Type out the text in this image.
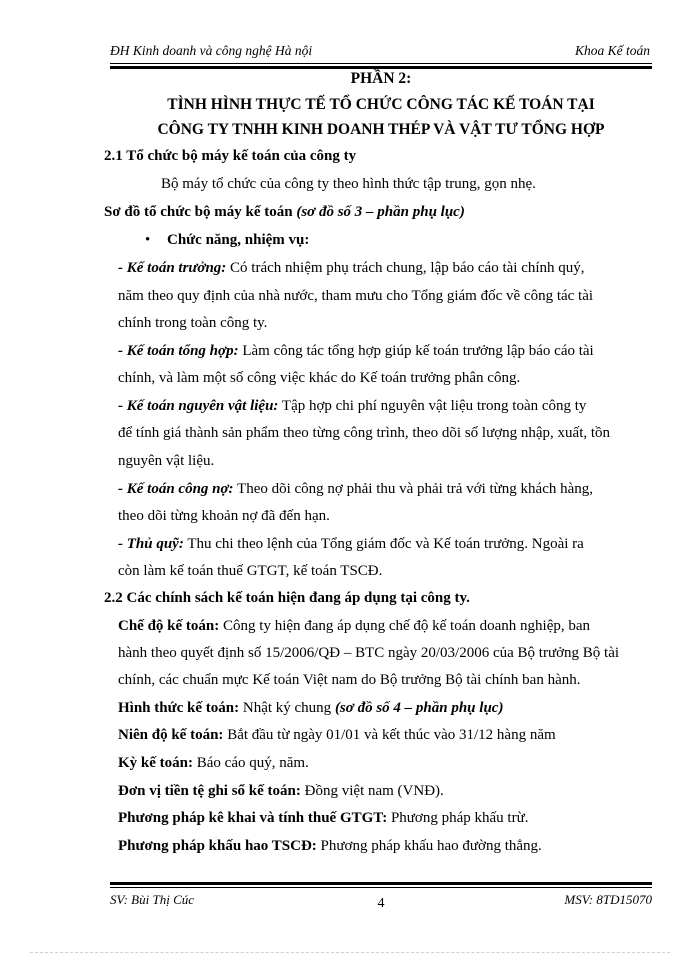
ĐH Kinh doanh và công nghệ Hà nội	Khoa Kế toán
PHẦN 2:
TÌNH HÌNH THỰC TẾ TỔ CHỨC CÔNG TÁC KẾ TOÁN TẠI
CÔNG TY TNHH KINH DOANH THÉP VÀ VẬT TƯ TỔNG HỢP
2.1 Tổ chức bộ máy kế toán của công ty
Bộ máy tổ chức của công ty theo hình thức tập trung, gọn nhẹ.
Sơ đồ tổ chức bộ máy kế toán (sơ đồ số 3 – phần phụ lục)
• Chức năng, nhiệm vụ:
- Kế toán trưởng: Có trách nhiệm phụ trách chung, lập báo cáo tài chính quý,
năm theo quy định của nhà nước, tham mưu cho Tổng giám đốc về công tác tài
chính trong toàn công ty.
- Kế toán tổng hợp: Làm công tác tổng hợp giúp kế toán trưởng lập báo cáo tài
chính, và làm một số công việc khác do Kế toán trưởng phân công.
- Kế toán nguyên vật liệu: Tập hợp chi phí nguyên vật liệu trong toàn công ty
để tính giá thành sản phẩm theo từng công trình, theo dõi số lượng nhập, xuất, tồn
nguyên vật liệu.
- Kế toán công nợ: Theo dõi công nợ phải thu và phải trả với từng khách hàng,
theo dõi từng khoản nợ đã đến hạn.
- Thủ quỹ: Thu chi theo lệnh của Tổng giám đốc và Kế toán trưởng. Ngoài ra
còn làm kế toán thuế GTGT, kế toán TSCĐ.
2.2 Các chính sách kế toán hiện đang áp dụng tại công ty.
Chế độ kế toán: Công ty hiện đang áp dụng chế độ kế toán doanh nghiệp, ban
hành theo quyết định số 15/2006/QĐ – BTC ngày 20/03/2006 của Bộ trưởng Bộ tài
chính, các chuẩn mực Kế toán Việt nam do Bộ trưởng Bộ tài chính ban hành.
Hình thức kế toán: Nhật ký chung (sơ đồ số 4 – phần phụ lục)
Niên độ kế toán: Bắt đầu từ ngày 01/01 và kết thúc vào 31/12 hàng năm
Kỳ kế toán: Báo cáo quý, năm.
Đơn vị tiền tệ ghi sổ kế toán: Đồng việt nam (VNĐ).
Phương pháp kê khai và tính thuế GTGT: Phương pháp khấu trừ.
Phương pháp khấu hao TSCĐ: Phương pháp khấu hao đường thẳng.
SV: Bùi Thị Cúc	4	MSV: 8TD15070
